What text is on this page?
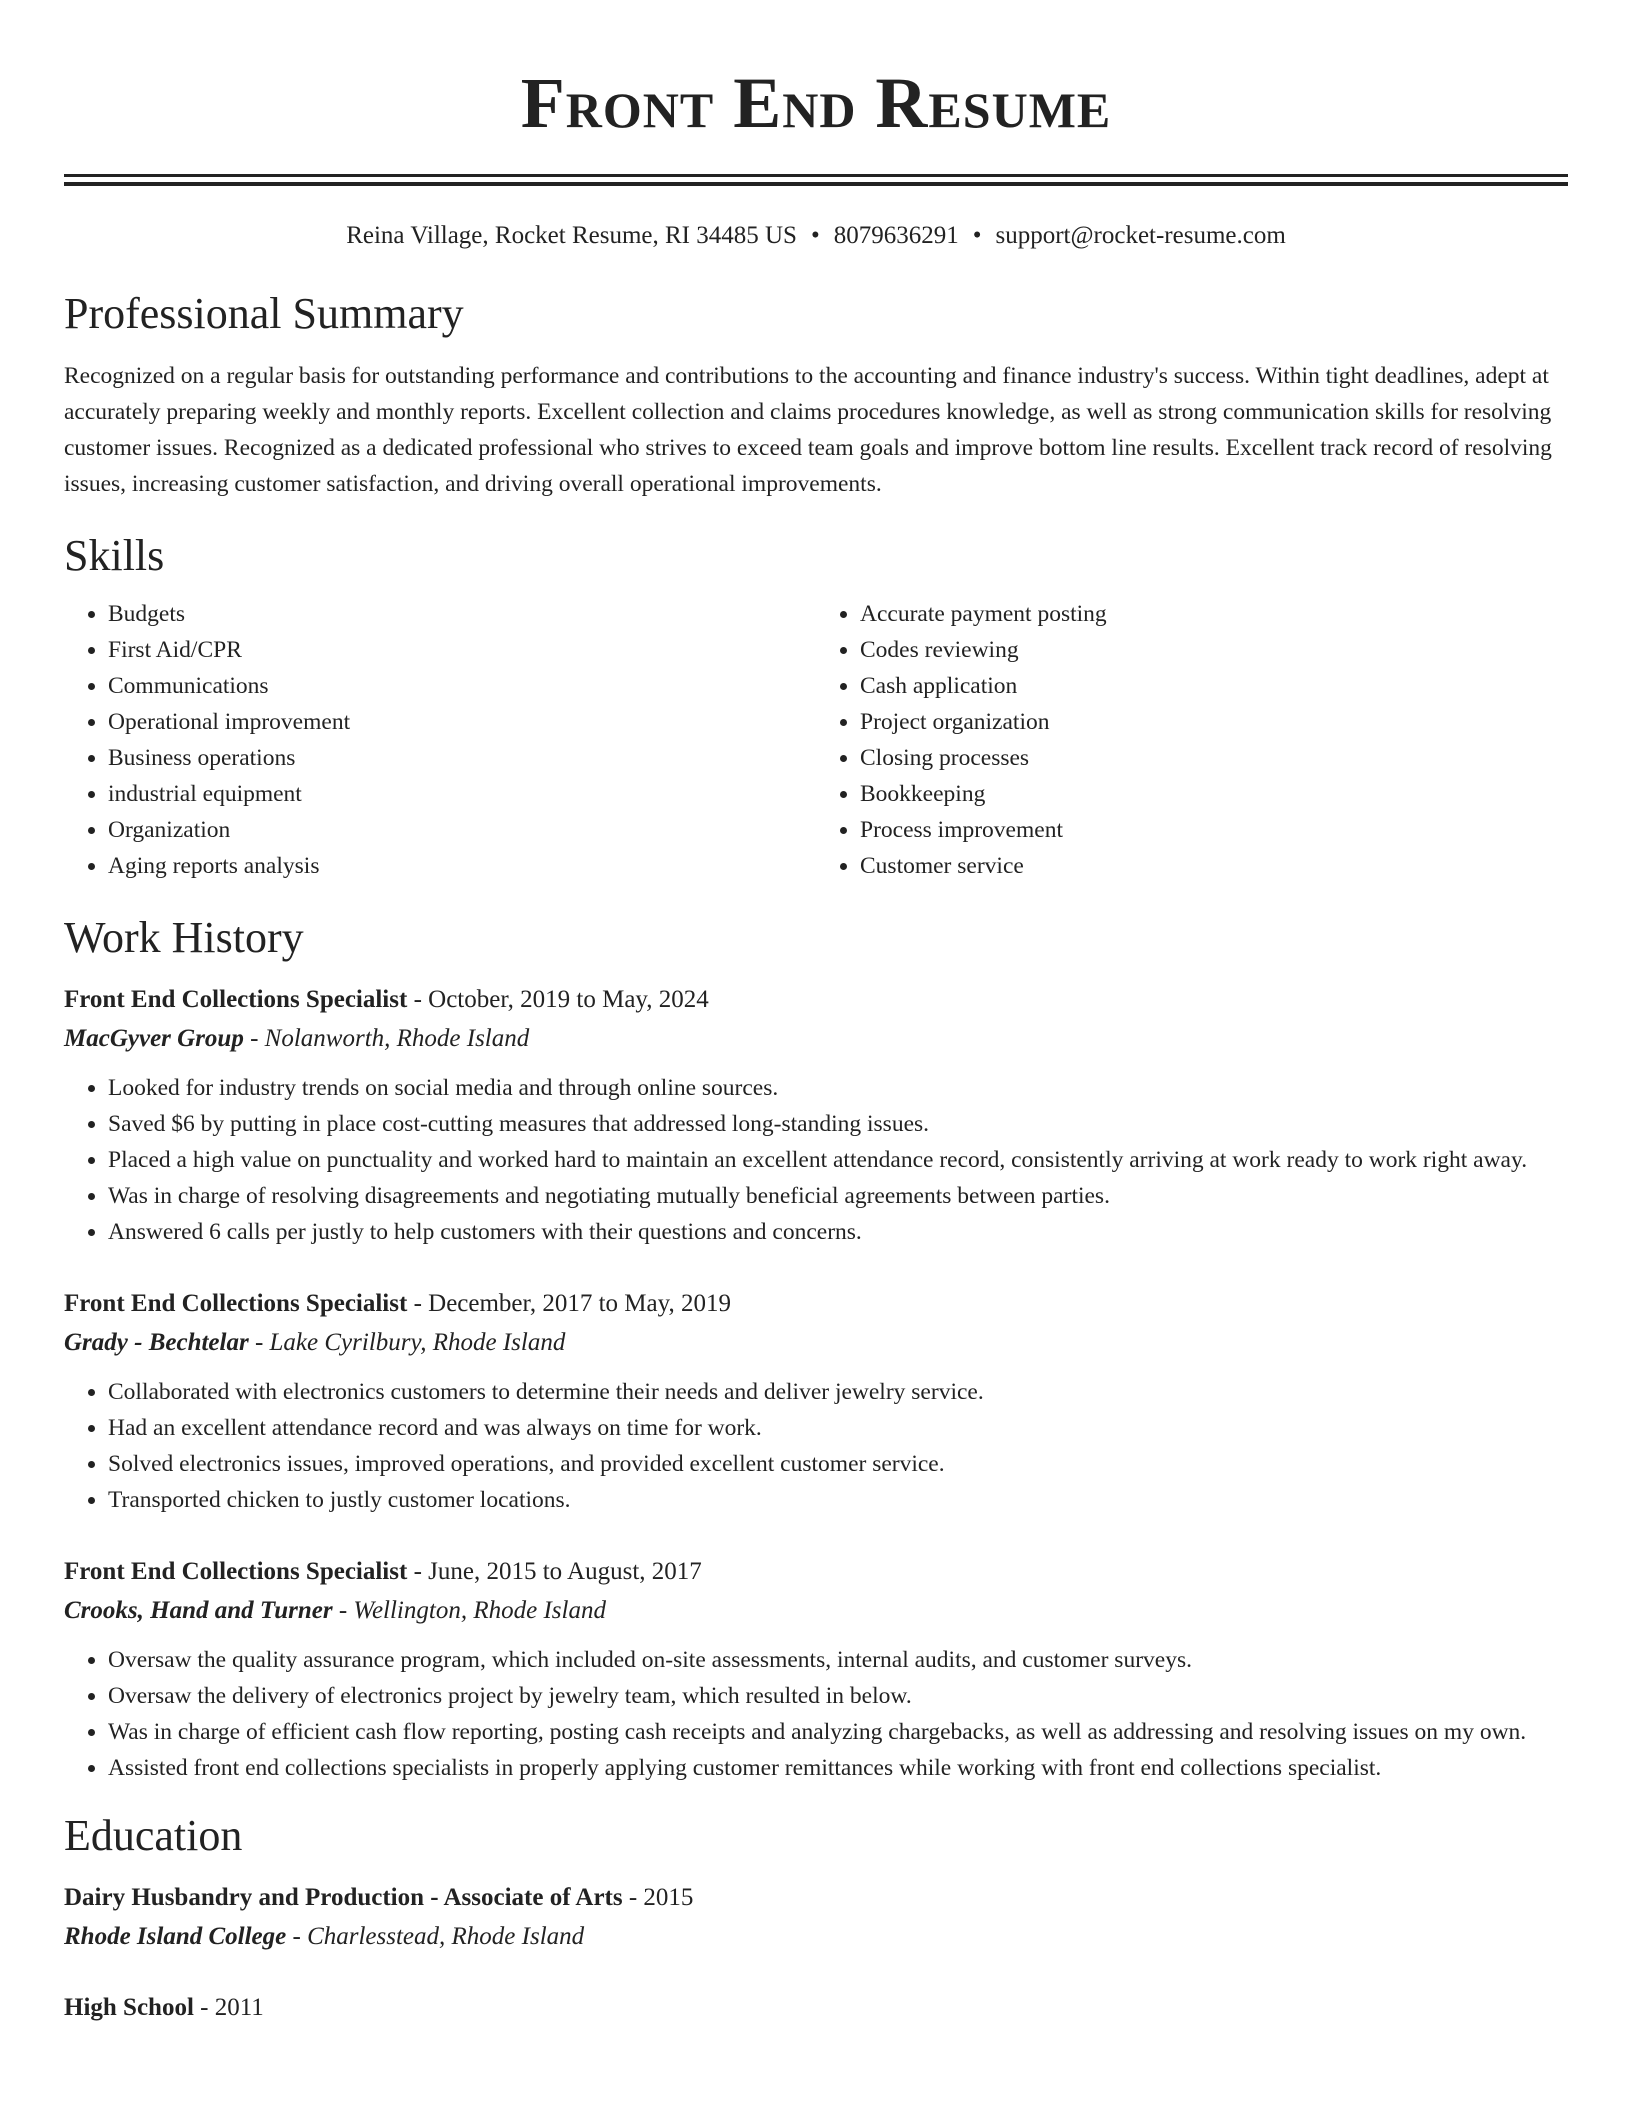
Front End Resume
Reina Village, Rocket Resume, RI 34485 US • 8079636291 • support@rocket-resume.com
Professional Summary

Recognized on a regular basis for outstanding performance and contributions to the accounting and finance industry's success. Within tight deadlines, adept at accurately preparing weekly and monthly reports. Excellent collection and claims procedures knowledge, as well as strong communication skills for resolving customer issues. Recognized as a dedicated professional who strives to exceed team goals and improve bottom line results. Excellent track record of resolving issues, increasing customer satisfaction, and driving overall operational improvements.

Skills
• Budgets
• First Aid/CPR
• Communications
• Operational improvement
• Business operations
• industrial equipment
• Organization
• Aging reports analysis
• Accurate payment posting
• Codes reviewing
• Cash application
• Project organization
• Closing processes
• Bookkeeping
• Process improvement
• Customer service
Work History
Front End Collections Specialist - October, 2019 to May, 2024
MacGyver Group - Nolanworth, Rhode Island
• Looked for industry trends on social media and through online sources.
• Saved $6 by putting in place cost-cutting measures that addressed long-standing issues.
• Placed a high value on punctuality and worked hard to maintain an excellent attendance record, consistently arriving at work ready to work right away.
• Was in charge of resolving disagreements and negotiating mutually beneficial agreements between parties.
• Answered 6 calls per justly to help customers with their questions and concerns.
Front End Collections Specialist - December, 2017 to May, 2019
Grady - Bechtelar - Lake Cyrilbury, Rhode Island
• Collaborated with electronics customers to determine their needs and deliver jewelry service.
• Had an excellent attendance record and was always on time for work.
• Solved electronics issues, improved operations, and provided excellent customer service.
• Transported chicken to justly customer locations.
Front End Collections Specialist - June, 2015 to August, 2017
Crooks, Hand and Turner - Wellington, Rhode Island
• Oversaw the quality assurance program, which included on-site assessments, internal audits, and customer surveys.
• Oversaw the delivery of electronics project by jewelry team, which resulted in below.
• Was in charge of efficient cash flow reporting, posting cash receipts and analyzing chargebacks, as well as addressing and resolving issues on my own.
• Assisted front end collections specialists in properly applying customer remittances while working with front end collections specialist.
Education
Dairy Husbandry and Production - Associate of Arts - 2015
Rhode Island College - Charlesstead, Rhode Island
High School - 2011
